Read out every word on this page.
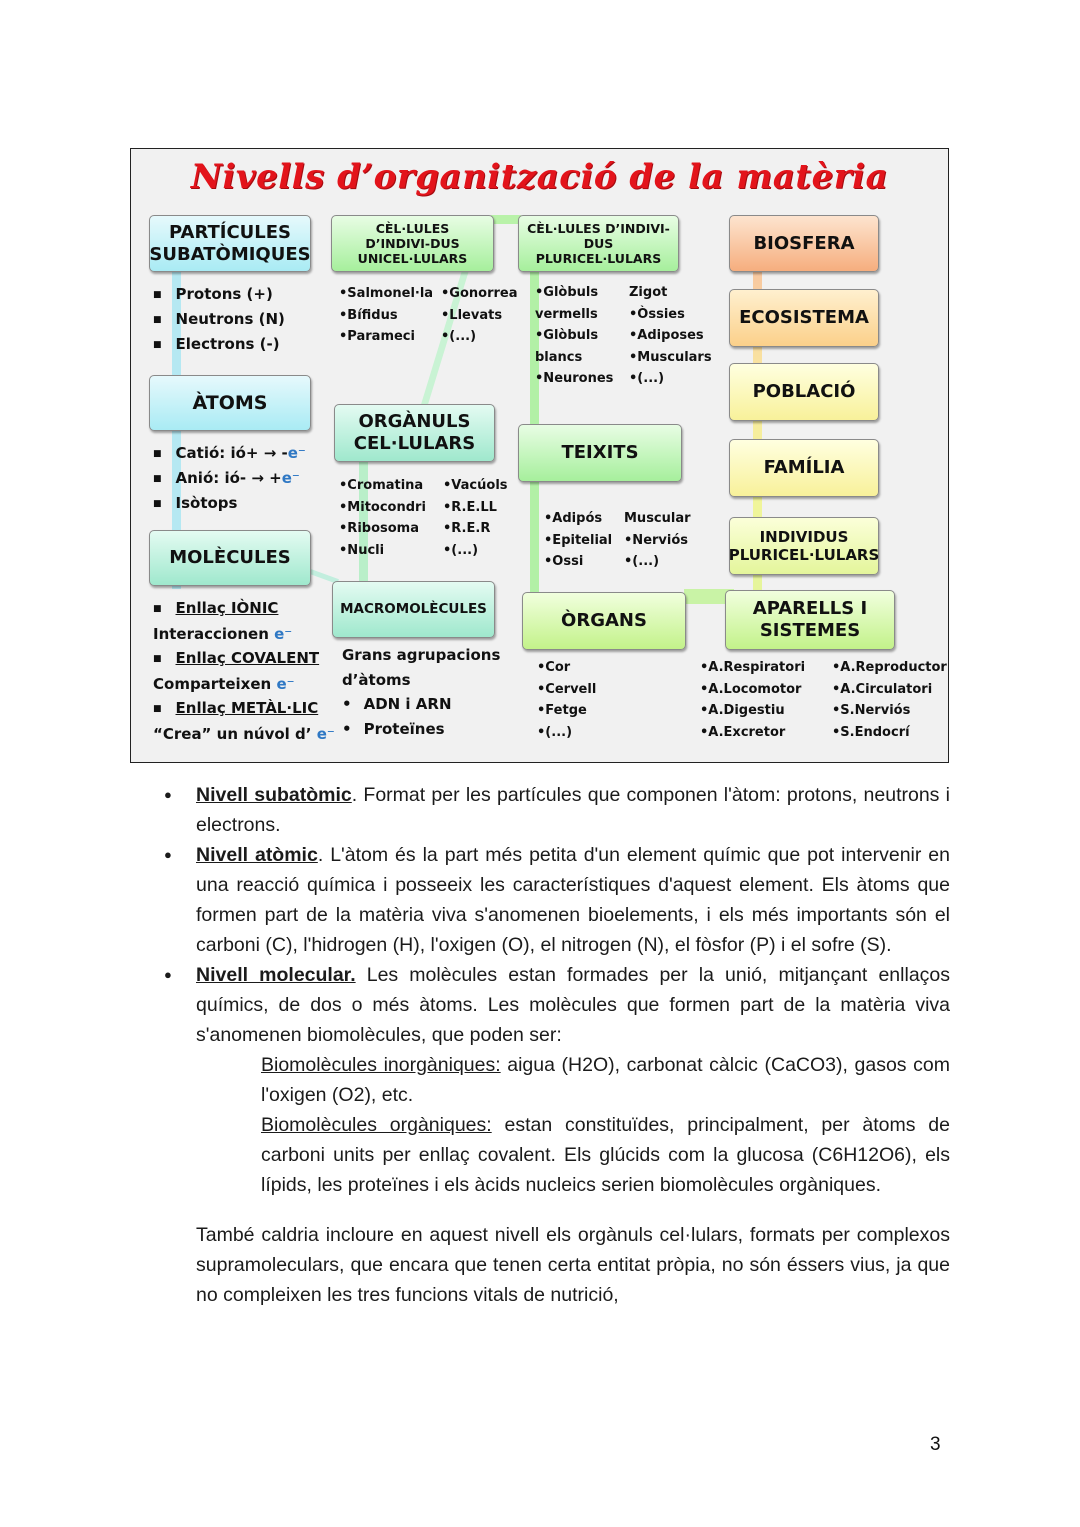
Nivells d’organització de la matèria
PARTÍCULES SUBATÒMIQUES
■ Protons (+)
■ Neutrons (N)
■ Electrons (-)
ÀTOMS
■ Catió: ió+ → -e⁻
■ Anió: ió- → +e⁻
■ Isòtops
MOLÈCULES
■ Enllaç IÒNIC
Interaccionen e⁻
■ Enllaç COVALENT
Comparteixen e⁻
■ Enllaç METÀL·LIC
“Crea” un núvol d’ e⁻
CÈL·LULES D’INDIVI-DUS UNICEL·LULARS
•Salmonel·la
•Bífidus
•Parameci
•Gonorrea
•Llevats
•(...)
ORGÀNULS CEL·LULARS
•Cromatina
•Mitocondri
•Ribosoma
•Nucli
•Vacúols
•R.E.LL
•R.E.R
•(...)
MACROMOLÈCULES
Grans agrupacions
d’àtoms
• ADN i ARN
• Proteïnes
CÈL·LULES D’INDIVI-DUS PLURICEL·LULARS
•Glòbuls
vermells
•Glòbuls
blancs
•Neurones
Zigot
•Òssies
•Adiposes
•Musculars
•(...)
TEIXITS
•Adipós
•Epitelial
•Ossi
Muscular
•Nerviós
•(...)
ÒRGANS
•Cor
•Cervell
•Fetge
•(...)
BIOSFERA
ECOSISTEMA
POBLACIÓ
FAMÍLIA
INDIVIDUS PLURICEL·LULARS
APARELLS I SISTEMES
•A.Respiratori
•A.Locomotor
•A.Digestiu
•A.Excretor
•A.Reproductor
•A.Circulatori
•S.Nerviós
•S.Endocrí
● Nivell subatòmic. Format per les partícules que componen l'àtom: protons, neutrons i electrons.
● Nivell atòmic. L'àtom és la part més petita d'un element químic que pot intervenir en una reacció química i posseeix les característiques d'aquest element. Els àtoms que formen part de la matèria viva s'anomenen bioelements, i els més importants són el carboni (C), l'hidrogen (H), l'oxigen (O), el nitrogen (N), el fòsfor (P) i el sofre (S).
● Nivell molecular. Les molècules estan formades per la unió, mitjançant enllaços químics, de dos o més àtoms. Les molècules que formen part de la matèria viva s'anomenen biomolècules, que poden ser:
Biomolècules inorgàniques: aigua (H2O), carbonat càlcic (CaCO3), gasos com l'oxigen (O2), etc.
Biomolècules orgàniques: estan constituïdes, principalment, per àtoms de carboni units per enllaç covalent. Els glúcids com la glucosa (C6H12O6), els lípids, les proteïnes i els àcids nucleics serien biomolècules orgàniques.
També caldria incloure en aquest nivell els orgànuls cel·lulars, formats per complexos supramoleculars, que encara que tenen certa entitat pròpia, no són éssers vius, ja que no compleixen les tres funcions vitals de nutrició,
3
